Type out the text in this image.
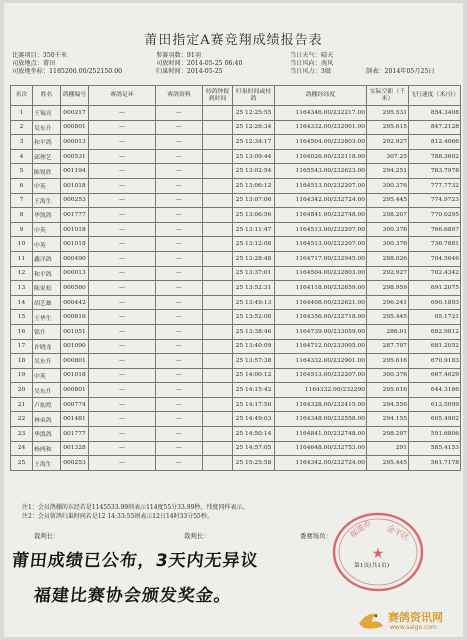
莆田指定A赛竞翔成绩报告表
比赛项目：350千米
司放地点：莆田
司放地坐标：1185206.00/252150.00
参赛羽数：91羽
司放时间：2014-05-25 06:40
归巢时间：2014-05-25
当日天气：晴天
当日风向：南风
当日风力：3级	制表：2014年05月25日
名次	姓名	鸽棚编号	赛鸽足环	赛鸽资料	持鸽钟报到时间	归巢时间或持鸽	鸽棚经纬度	实际空距（千米）	飞行速度（米/分）
1	王锡亮	000217	—	—		25 12:25:55	1164346.00/232217.00	295.531	854.3408
2	吴东升	000801	—	—		25 12:26:34	1164332.00/232901.00	295.615	847.2128
3	和平鸽	000013	—	—		25 12:34:17	1164504.00/232803.00	292.927	812.4066
4	邱理艺	000531	—	—		25 13:09:44	1164026.00/232118.00	307.25	788.3602
5	陈锐欣	001194	—	—		25 13:02:54	1165543.00/232623.00	294.251	783.7978
6	中英	001018	—	—		25 13:06:12	1164513.00/232207.00	300.376	777.7732
7	王海生	000253	—	—		25 13:07:06	1164342.00/232724.00	295.445	774.9723
8	华凯鸽	001777	—	—		25 13:06:56	1164841.00/232748.00	298.207	770.0295
9	中英	001018	—	—		25 13:11:47	1164513.00/232207.00	300.376	766.6897
10	中英	001018	—	—		25 13:12:08	1164513.00/232207.00	300.376	736.7881
11	鑫洋鸽	000490	—	—		25 13:28:48	1164717.00/232945.00	288.026	704.5646
12	和平鸽	000013	—	—		25 13:37:01	1164504.00/232803.00	292.927	702.4342
13	陈家松	000560	—	—		25 13:52:31	1164118.00/232659.00	298.959	691.2075
14	胡艺雄	000442	—	—		25 13:49:13	1164408.00/232621.00	296.241	690.1893
15	王华生	000816	—	—		25 13:52:08	1164356.00/232718.00	295.445	05.1721
16	铭升	001051	—	—		25 13:38:46	1164739.00/233059.00	286.01	682.9812
17	许晓龙	001090	—	—		25 13:40:09	1164712.00/233005.00	287.707	681.2052
18	吴东升	000801	—	—		25 13:57:38	1164332.00/232901.00	295.616	670.9183
19	中英	001018	—	—		25 14:00:12	1164513.00/232207.00	300.376	667.4029
20	吴东升	000801	—	—		25 14:15:42	1164332.00/232290	295.616	644.3186
21	卢灿煌	000774	—	—		25 14:17:50	1164328.00/232415.00	294.556	612.5099
22	林弟鸽	001481	—	—		25 14:49:03	1164348.00/232558.00	294.155	605.4902
23	华凯鸽	001777	—	—		25 14:50:14	1164841.00/232748.00	298.207	591.6806
24	杨两和	001328	—	—		25 14:57:05	1164648.00/232753.00	291	585.4153
25	王海生	000253	—	—		25 15:25:58	1164342.00/232724.00	295.445	561.7178
注1：会员鸽棚的东经若是1145533.99则表示114度55分33.99秒，纬度同样表示。
注2：会员留鸽归巢时间若是12 14:33:55则表示12日14时33分55秒。
裁判长：	裁判长：	委赛场负：
莆田成绩已公布，3天内无异议
福建比赛协会颁发奖金。
★
福清市 金平区
第1页(共1页)
赛鸽资讯网
www.saige.com
